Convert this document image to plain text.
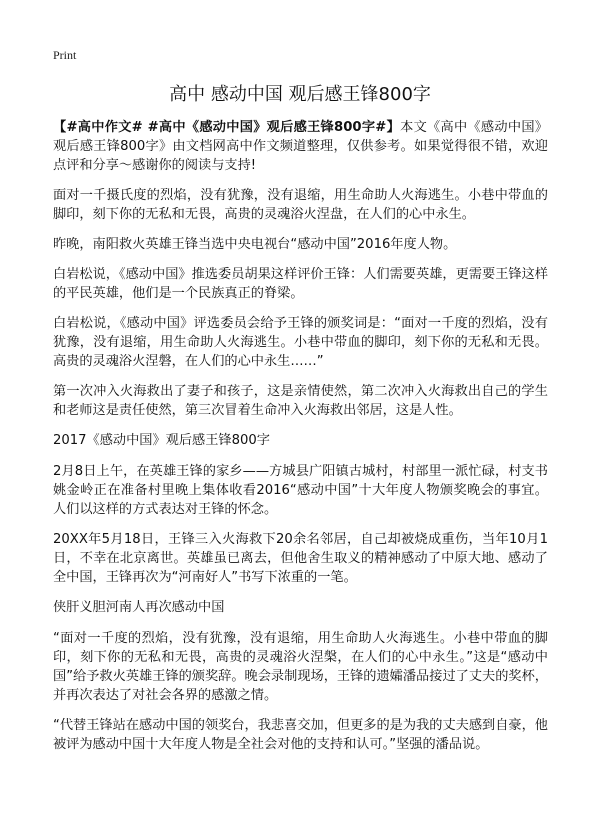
Print
高中 感动中国 观后感王锋800字

【#高中作文# #高中《感动中国》观后感王锋800字#】本文《高中《感动中国》观后感王锋800字》由文档网高中作文频道整理，仅供参考。如果觉得很不错，欢迎点评和分享～感谢你的阅读与支持!

面对一千摄氏度的烈焰，没有犹豫，没有退缩，用生命助人火海逃生。小巷中带血的脚印，刻下你的无私和无畏，高贵的灵魂浴火涅盘，在人们的心中永生。

昨晚，南阳救火英雄王锋当选中央电视台“感动中国”2016年度人物。

白岩松说，《感动中国》推选委员胡果这样评价王锋：人们需要英雄，更需要王锋这样的平民英雄，他们是一个民族真正的脊梁。

白岩松说，《感动中国》评选委员会给予王锋的颁奖词是：“面对一千度的烈焰，没有犹豫，没有退缩，用生命助人火海逃生。小巷中带血的脚印，刻下你的无私和无畏。高贵的灵魂浴火涅磐，在人们的心中永生……”

第一次冲入火海救出了妻子和孩子，这是亲情使然，第二次冲入火海救出自己的学生和老师这是责任使然，第三次冒着生命冲入火海救出邻居，这是人性。

2017《感动中国》观后感王锋800字

2月8日上午，在英雄王锋的家乡——方城县广阳镇古城村，村部里一派忙碌，村支书姚金岭正在准备村里晚上集体收看2016“感动中国”十大年度人物颁奖晚会的事宜。人们以这样的方式表达对王锋的怀念。

20XX年5月18日，王锋三入火海救下20余名邻居，自己却被烧成重伤，当年10月1日，不幸在北京离世。英雄虽已离去，但他舍生取义的精神感动了中原大地、感动了全中国，王锋再次为“河南好人”书写下浓重的一笔。

侠肝义胆河南人再次感动中国

“面对一千度的烈焰，没有犹豫，没有退缩，用生命助人火海逃生。小巷中带血的脚印，刻下你的无私和无畏，高贵的灵魂浴火涅槃，在人们的心中永生。”这是“感动中国”给予救火英雄王锋的颁奖辞。晚会录制现场，王锋的遗孀潘品接过了丈夫的奖杯，并再次表达了对社会各界的感激之情。

“代替王锋站在感动中国的领奖台，我悲喜交加，但更多的是为我的丈夫感到自豪，他被评为感动中国十大年度人物是全社会对他的支持和认可。”坚强的潘品说。
